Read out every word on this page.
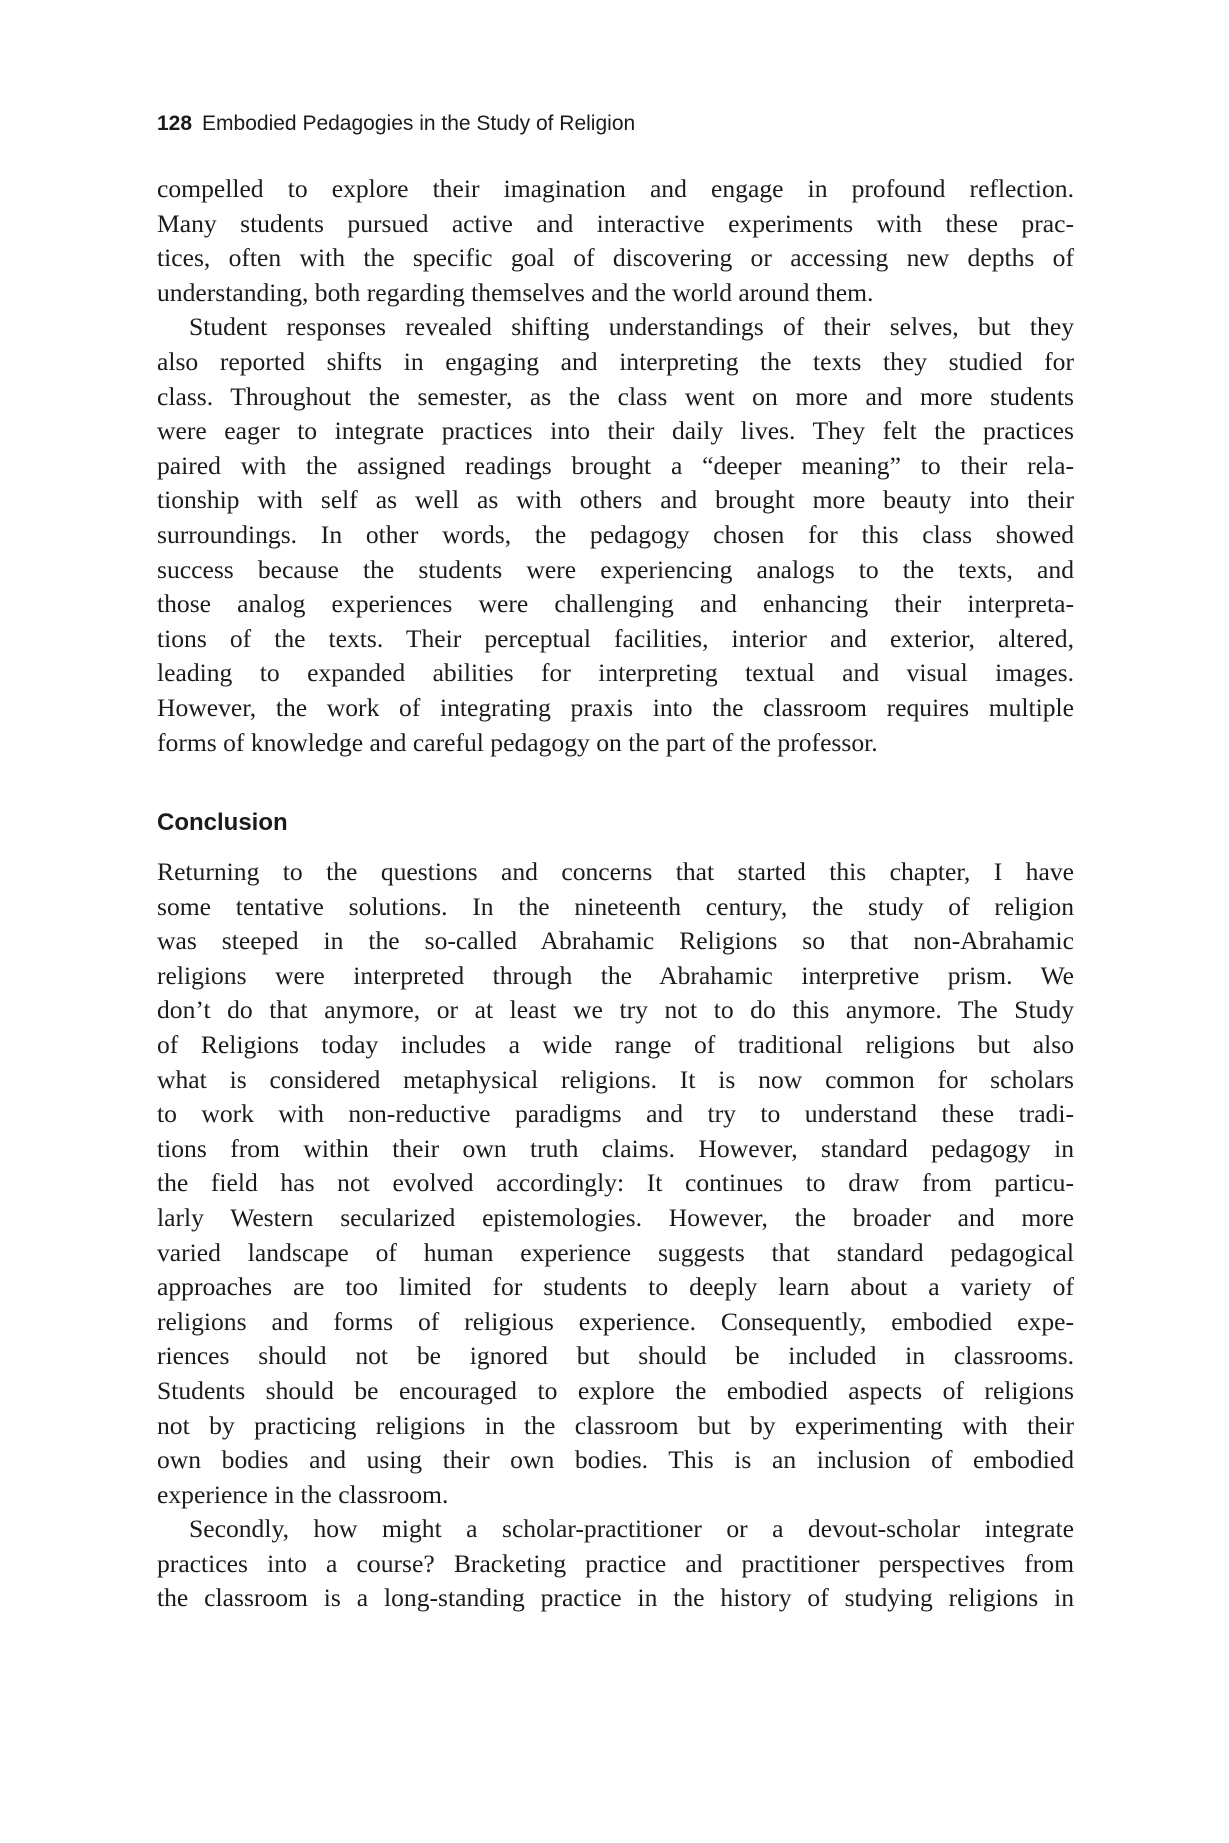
128 Embodied Pedagogies in the Study of Religion
compelled to explore their imagination and engage in profound reflection.
Many students pursued active and interactive experiments with these prac-
tices, often with the specific goal of discovering or accessing new depths of
understanding, both regarding themselves and the world around them.
Student responses revealed shifting understandings of their selves, but they
also reported shifts in engaging and interpreting the texts they studied for
class. Throughout the semester, as the class went on more and more students
were eager to integrate practices into their daily lives. They felt the practices
paired with the assigned readings brought a “deeper meaning” to their rela-
tionship with self as well as with others and brought more beauty into their
surroundings. In other words, the pedagogy chosen for this class showed
success because the students were experiencing analogs to the texts, and
those analog experiences were challenging and enhancing their interpreta-
tions of the texts. Their perceptual facilities, interior and exterior, altered,
leading to expanded abilities for interpreting textual and visual images.
However, the work of integrating praxis into the classroom requires multiple
forms of knowledge and careful pedagogy on the part of the professor.
Conclusion
Returning to the questions and concerns that started this chapter, I have
some tentative solutions. In the nineteenth century, the study of religion
was steeped in the so-called Abrahamic Religions so that non-Abrahamic
religions were interpreted through the Abrahamic interpretive prism. We
don’t do that anymore, or at least we try not to do this anymore. The Study
of Religions today includes a wide range of traditional religions but also
what is considered metaphysical religions. It is now common for scholars
to work with non-reductive paradigms and try to understand these tradi-
tions from within their own truth claims. However, standard pedagogy in
the field has not evolved accordingly: It continues to draw from particu-
larly Western secularized epistemologies. However, the broader and more
varied landscape of human experience suggests that standard pedagogical
approaches are too limited for students to deeply learn about a variety of
religions and forms of religious experience. Consequently, embodied expe-
riences should not be ignored but should be included in classrooms.
Students should be encouraged to explore the embodied aspects of religions
not by practicing religions in the classroom but by experimenting with their
own bodies and using their own bodies. This is an inclusion of embodied
experience in the classroom.
Secondly, how might a scholar-practitioner or a devout-scholar integrate
practices into a course? Bracketing practice and practitioner perspectives from
the classroom is a long-standing practice in the history of studying religions in
